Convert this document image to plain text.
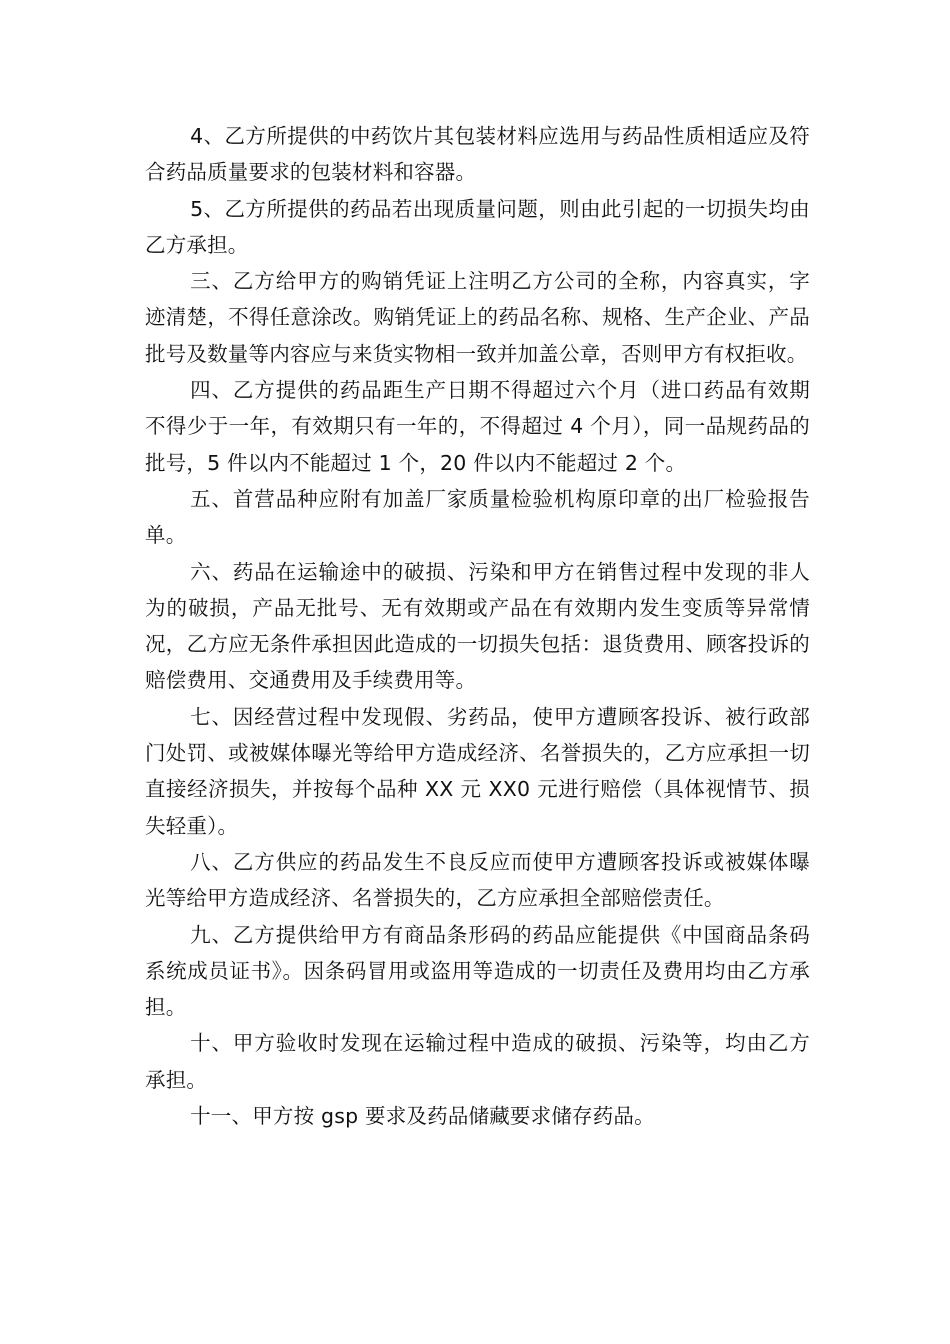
4、乙方所提供的中药饮片其包装材料应选用与药品性质相适应及符合药品质量要求的包装材料和容器。

5、乙方所提供的药品若出现质量问题，则由此引起的一切损失均由乙方承担。

三、乙方给甲方的购销凭证上注明乙方公司的全称，内容真实，字迹清楚，不得任意涂改。购销凭证上的药品名称、规格、生产企业、产品批号及数量等内容应与来货实物相一致并加盖公章，否则甲方有权拒收。

四、乙方提供的药品距生产日期不得超过六个月（进口药品有效期不得少于一年，有效期只有一年的，不得超过 4 个月），同一品规药品的批号，5 件以内不能超过 1 个，20 件以内不能超过 2 个。

五、首营品种应附有加盖厂家质量检验机构原印章的出厂检验报告单。

六、药品在运输途中的破损、污染和甲方在销售过程中发现的非人为的破损，产品无批号、无有效期或产品在有效期内发生变质等异常情况，乙方应无条件承担因此造成的一切损失包括：退货费用、顾客投诉的赔偿费用、交通费用及手续费用等。

七、因经营过程中发现假、劣药品，使甲方遭顾客投诉、被行政部门处罚、或被媒体曝光等给甲方造成经济、名誉损失的，乙方应承担一切直接经济损失，并按每个品种 XX 元 XX0 元进行赔偿（具体视情节、损失轻重）。

八、乙方供应的药品发生不良反应而使甲方遭顾客投诉或被媒体曝光等给甲方造成经济、名誉损失的，乙方应承担全部赔偿责任。

九、乙方提供给甲方有商品条形码的药品应能提供《中国商品条码系统成员证书》。因条码冒用或盗用等造成的一切责任及费用均由乙方承担。

十、甲方验收时发现在运输过程中造成的破损、污染等，均由乙方承担。

十一、甲方按 gsp 要求及药品储藏要求储存药品。
